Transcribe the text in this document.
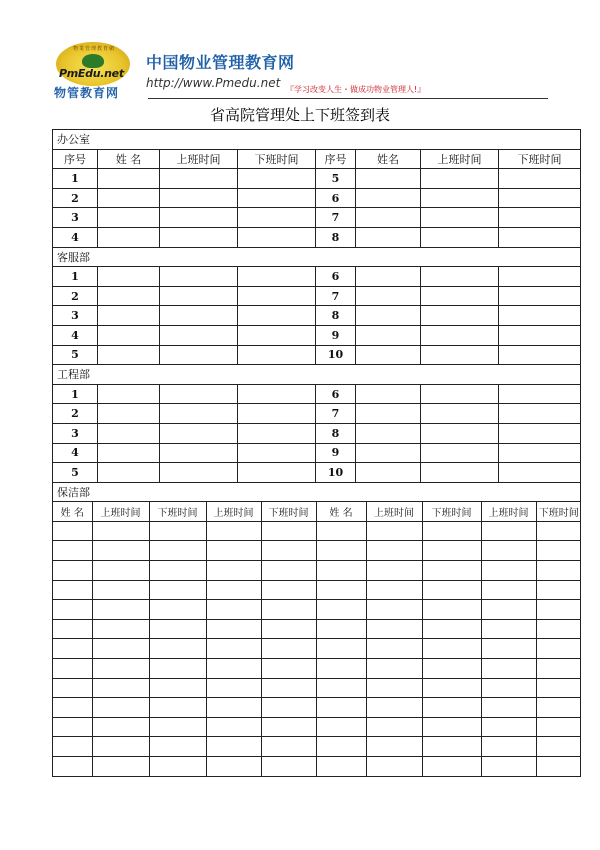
物業管理教育網
PmEdu.net
物管教育网
中国物业管理教育网
http://www.Pmedu.net 『学习改变人生・做成功物业管理人!』
省高院管理处上下班签到表
办公室
序号	姓 名	上班时间	下班时间	序号	姓名	上班时间	下班时间
1				5			
2				6			
3				7			
4				8			
客服部
1				6			
2				7			
3				8			
4				9			
5				10			
工程部
1				6			
2				7			
3				8			
4				9			
5				10			
保洁部

姓 名	上班时间	下班时间	上班时间	下班时间	姓 名	上班时间	下班时间	上班时间	下班时间
